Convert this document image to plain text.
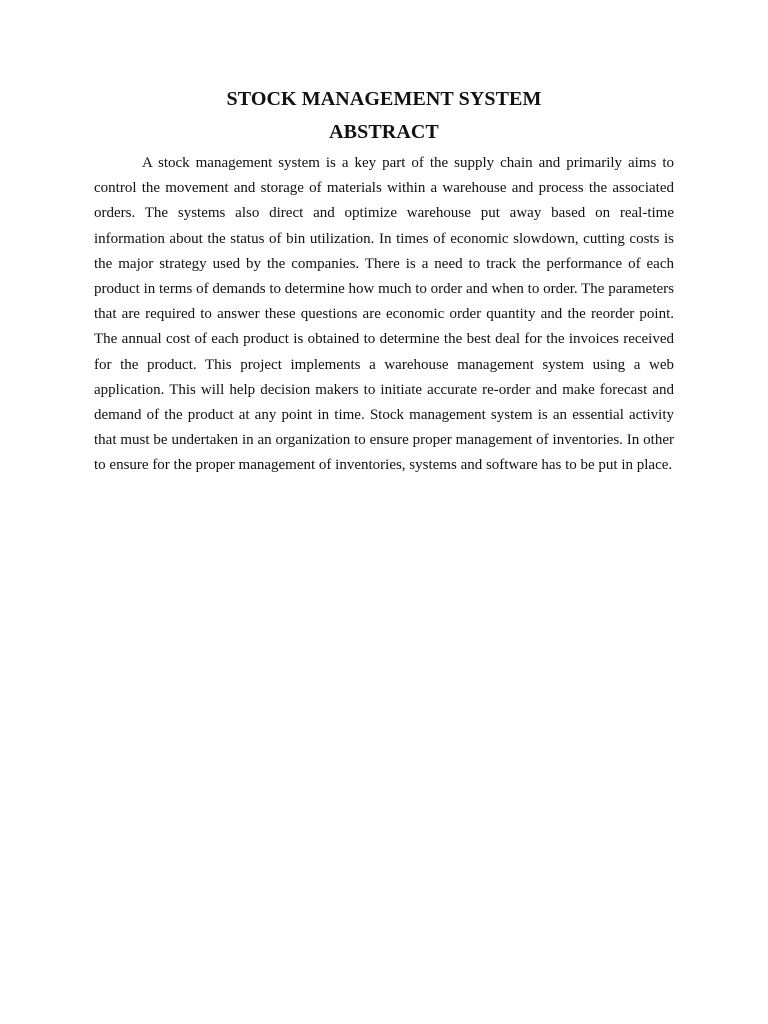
STOCK MANAGEMENT SYSTEM
ABSTRACT

A stock management system is a key part of the supply chain and primarily aims to control the movement and storage of materials within a warehouse and process the associated orders. The systems also direct and optimize warehouse put away based on real-time information about the status of bin utilization. In times of economic slowdown, cutting costs is the major strategy used by the companies. There is a need to track the performance of each product in terms of demands to determine how much to order and when to order. The parameters that are required to answer these questions are economic order quantity and the reorder point. The annual cost of each product is obtained to determine the best deal for the invoices received for the product. This project implements a warehouse management system using a web application. This will help decision makers to initiate accurate re-order and make forecast and demand of the product at any point in time. Stock management system is an essential activity that must be undertaken in an organization to ensure proper management of inventories. In other to ensure for the proper management of inventories, systems and software has to be put in place.
